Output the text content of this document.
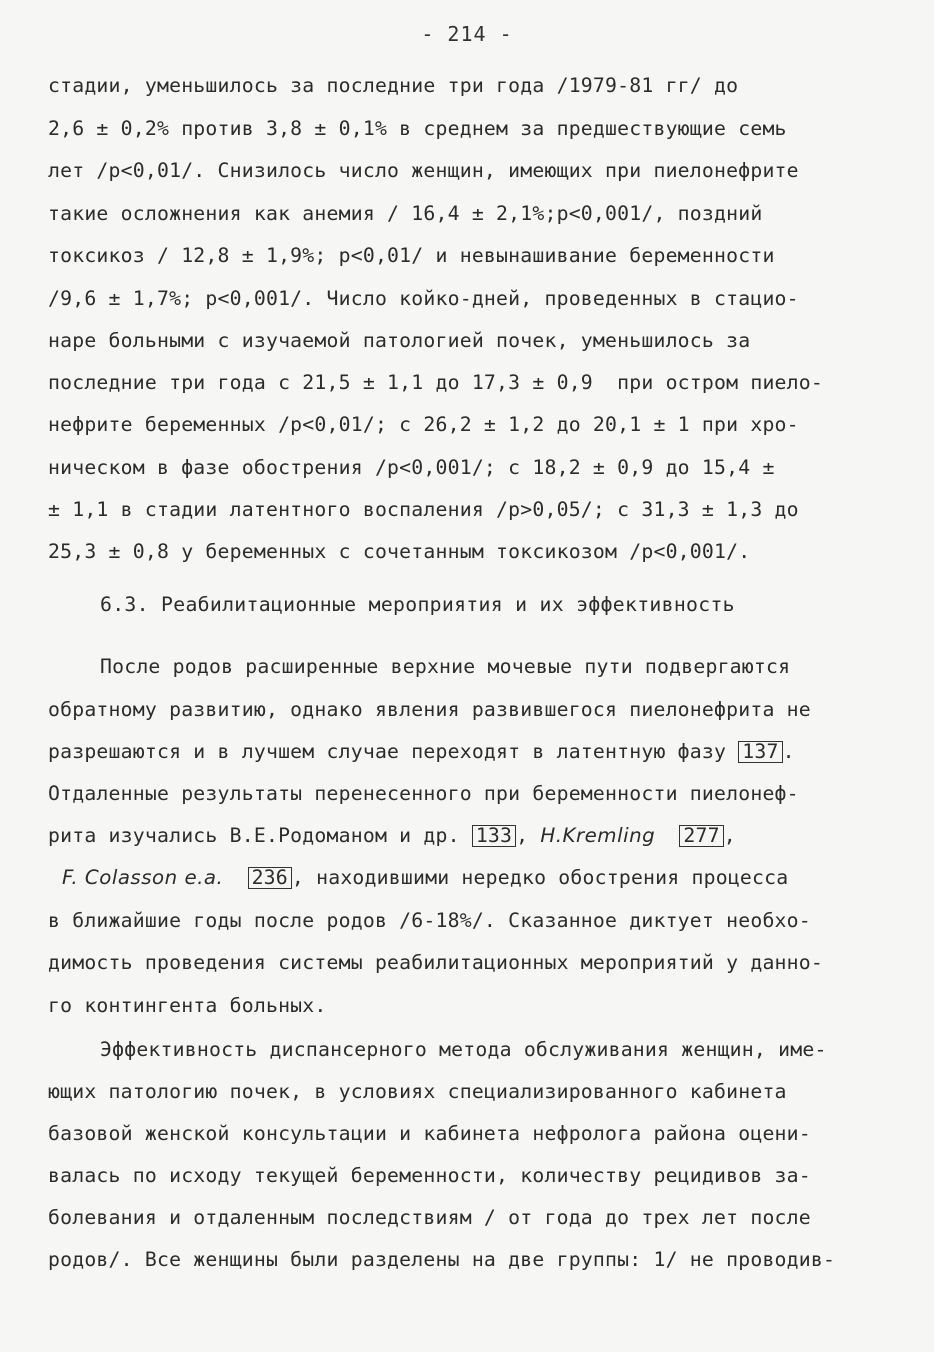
- 214 -
стадии, уменьшилось за последние три года /1979-81 гг/ до
2,6 ± 0,2% против 3,8 ± 0,1% в среднем за предшествующие семь
лет /р<0,01/. Снизилось число женщин, имеющих при пиелонефрите
такие осложнения как анемия / 16,4 ± 2,1%;р<0,001/, поздний
токсикоз / 12,8 ± 1,9%; р<0,01/ и невынашивание беременности
/9,6 ± 1,7%; р<0,001/. Число койко-дней, проведенных в стацио-
наре больными с изучаемой патологией почек, уменьшилось за
последние три года с 21,5 ± 1,1 до 17,3 ± 0,9  при остром пиело-
нефрите беременных /р<0,01/; с 26,2 ± 1,2 до 20,1 ± 1 при хро-
ническом в фазе обострения /р<0,001/; с 18,2 ± 0,9 до 15,4 ±
± 1,1 в стадии латентного воспаления /р>0,05/; с 31,3 ± 1,3 до
25,3 ± 0,8 у беременных с сочетанным токсикозом /р<0,001/.
6.3. Реабилитационные мероприятия и их эффективность
После родов расширенные верхние мочевые пути подвергаются
обратному развитию, однако явления развившегося пиелонефрита не
разрешаются и в лучшем случае переходят в латентную фазу 137 .
Отдаленные результаты перенесенного при беременности пиелонеф-
рита изучались В.Е.Родоманом и др. 133 , H.Kremling 277 ,
F. Colasson e.a. 236 , находившими нередко обострения процесса
в ближайшие годы после родов /6-18%/. Сказанное диктует необхо-
димость проведения системы реабилитационных мероприятий у данно-
го контингента больных.
Эффективность диспансерного метода обслуживания женщин, име-
ющих патологию почек, в условиях специализированного кабинета
базовой женской консультации и кабинета нефролога района оцени-
валась по исходу текущей беременности, количеству рецидивов за-
болевания и отдаленным последствиям / от года до трех лет после
родов/. Все женщины были разделены на две группы: 1/ не проводив-
